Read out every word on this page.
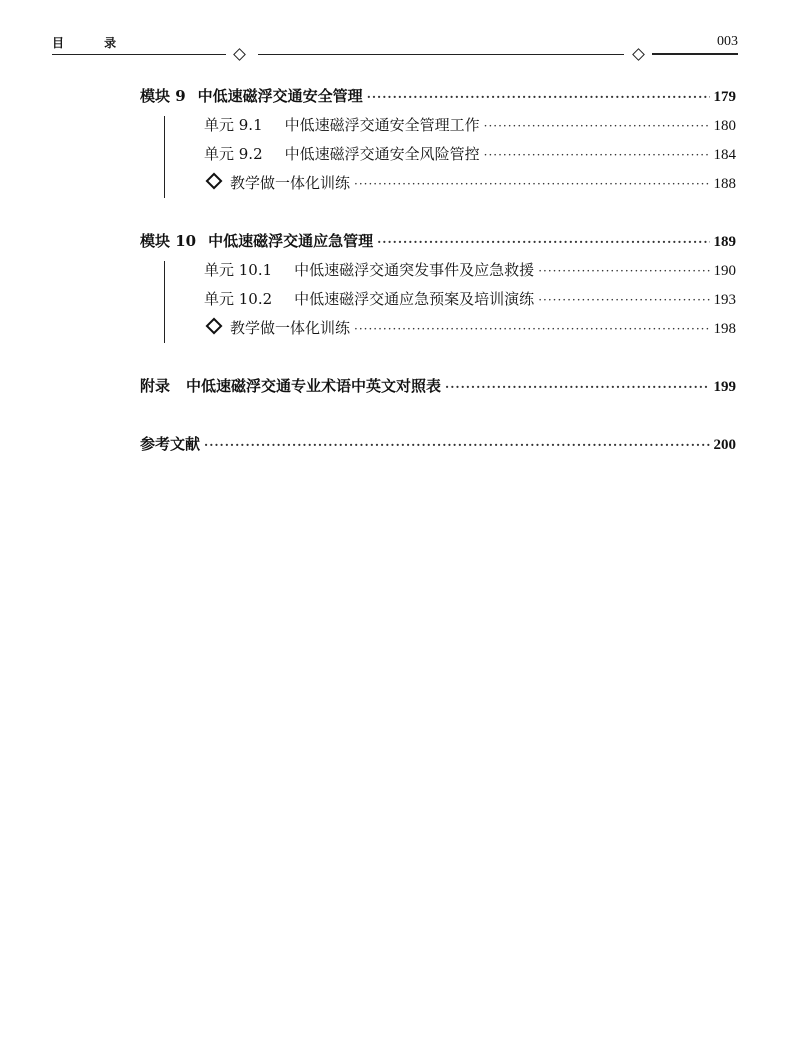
目 录	003
模块 9 中低速磁浮交通安全管理 ·····	179
单元 9.1 中低速磁浮交通安全管理工作 ·····	180
单元 9.2 中低速磁浮交通安全风险管控 ·····	184
教学做一体化训练 ·····	188
模块 10 中低速磁浮交通应急管理 ·····	189
单元 10.1 中低速磁浮交通突发事件及应急救援 ·····	190
单元 10.2 中低速磁浮交通应急预案及培训演练 ·····	193
教学做一体化训练 ·····	198
附录 中低速磁浮交通专业术语中英文对照表 ·····	199
参考文献 ·····	200
